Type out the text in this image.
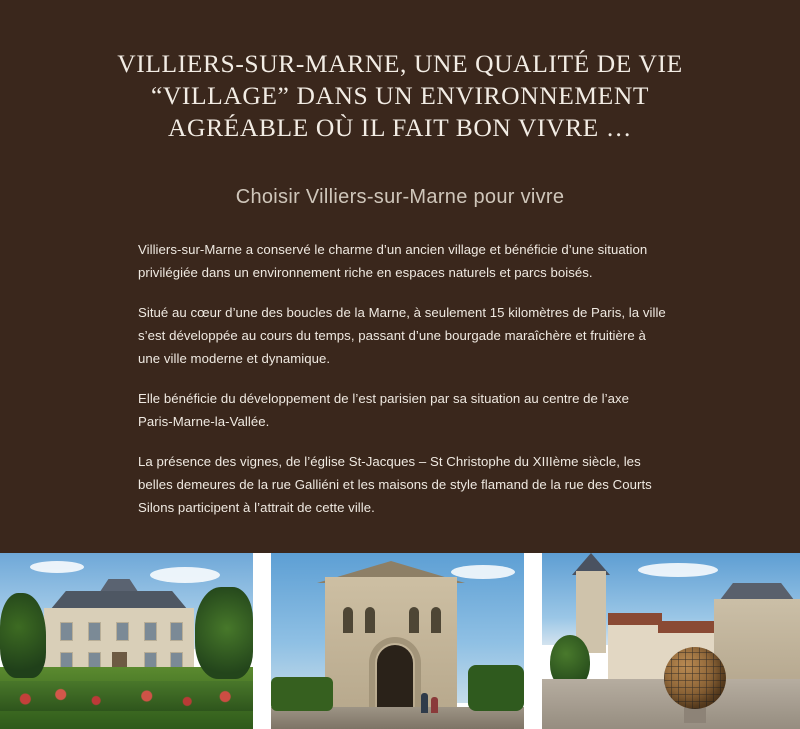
VILLIERS-SUR-MARNE, UNE QUALITÉ DE VIE
“VILLAGE” DANS UN ENVIRONNEMENT
AGRÉABLE OÙ IL FAIT BON VIVRE …
Choisir Villiers-sur-Marne pour vivre

Villiers-sur-Marne a conservé le charme d’un ancien village et bénéficie d’une situation privilégiée dans un environnement riche en espaces naturels et parcs boisés.

Situé au cœur d’une des boucles de la Marne, à seulement 15 kilomètres de Paris, la ville s’est développée au cours du temps, passant d’une bourgade maraîchère et fruitière à une ville moderne et dynamique.

Elle bénéficie du développement de l’est parisien par sa situation au centre de l’axe Paris-Marne-la-Vallée.

La présence des vignes, de l’église St-Jacques – St Christophe du XIIIème siècle, les belles demeures de la rue Galliéni et les maisons de style flamand de la rue des Courts Silons participent à l’attrait de cette ville.
